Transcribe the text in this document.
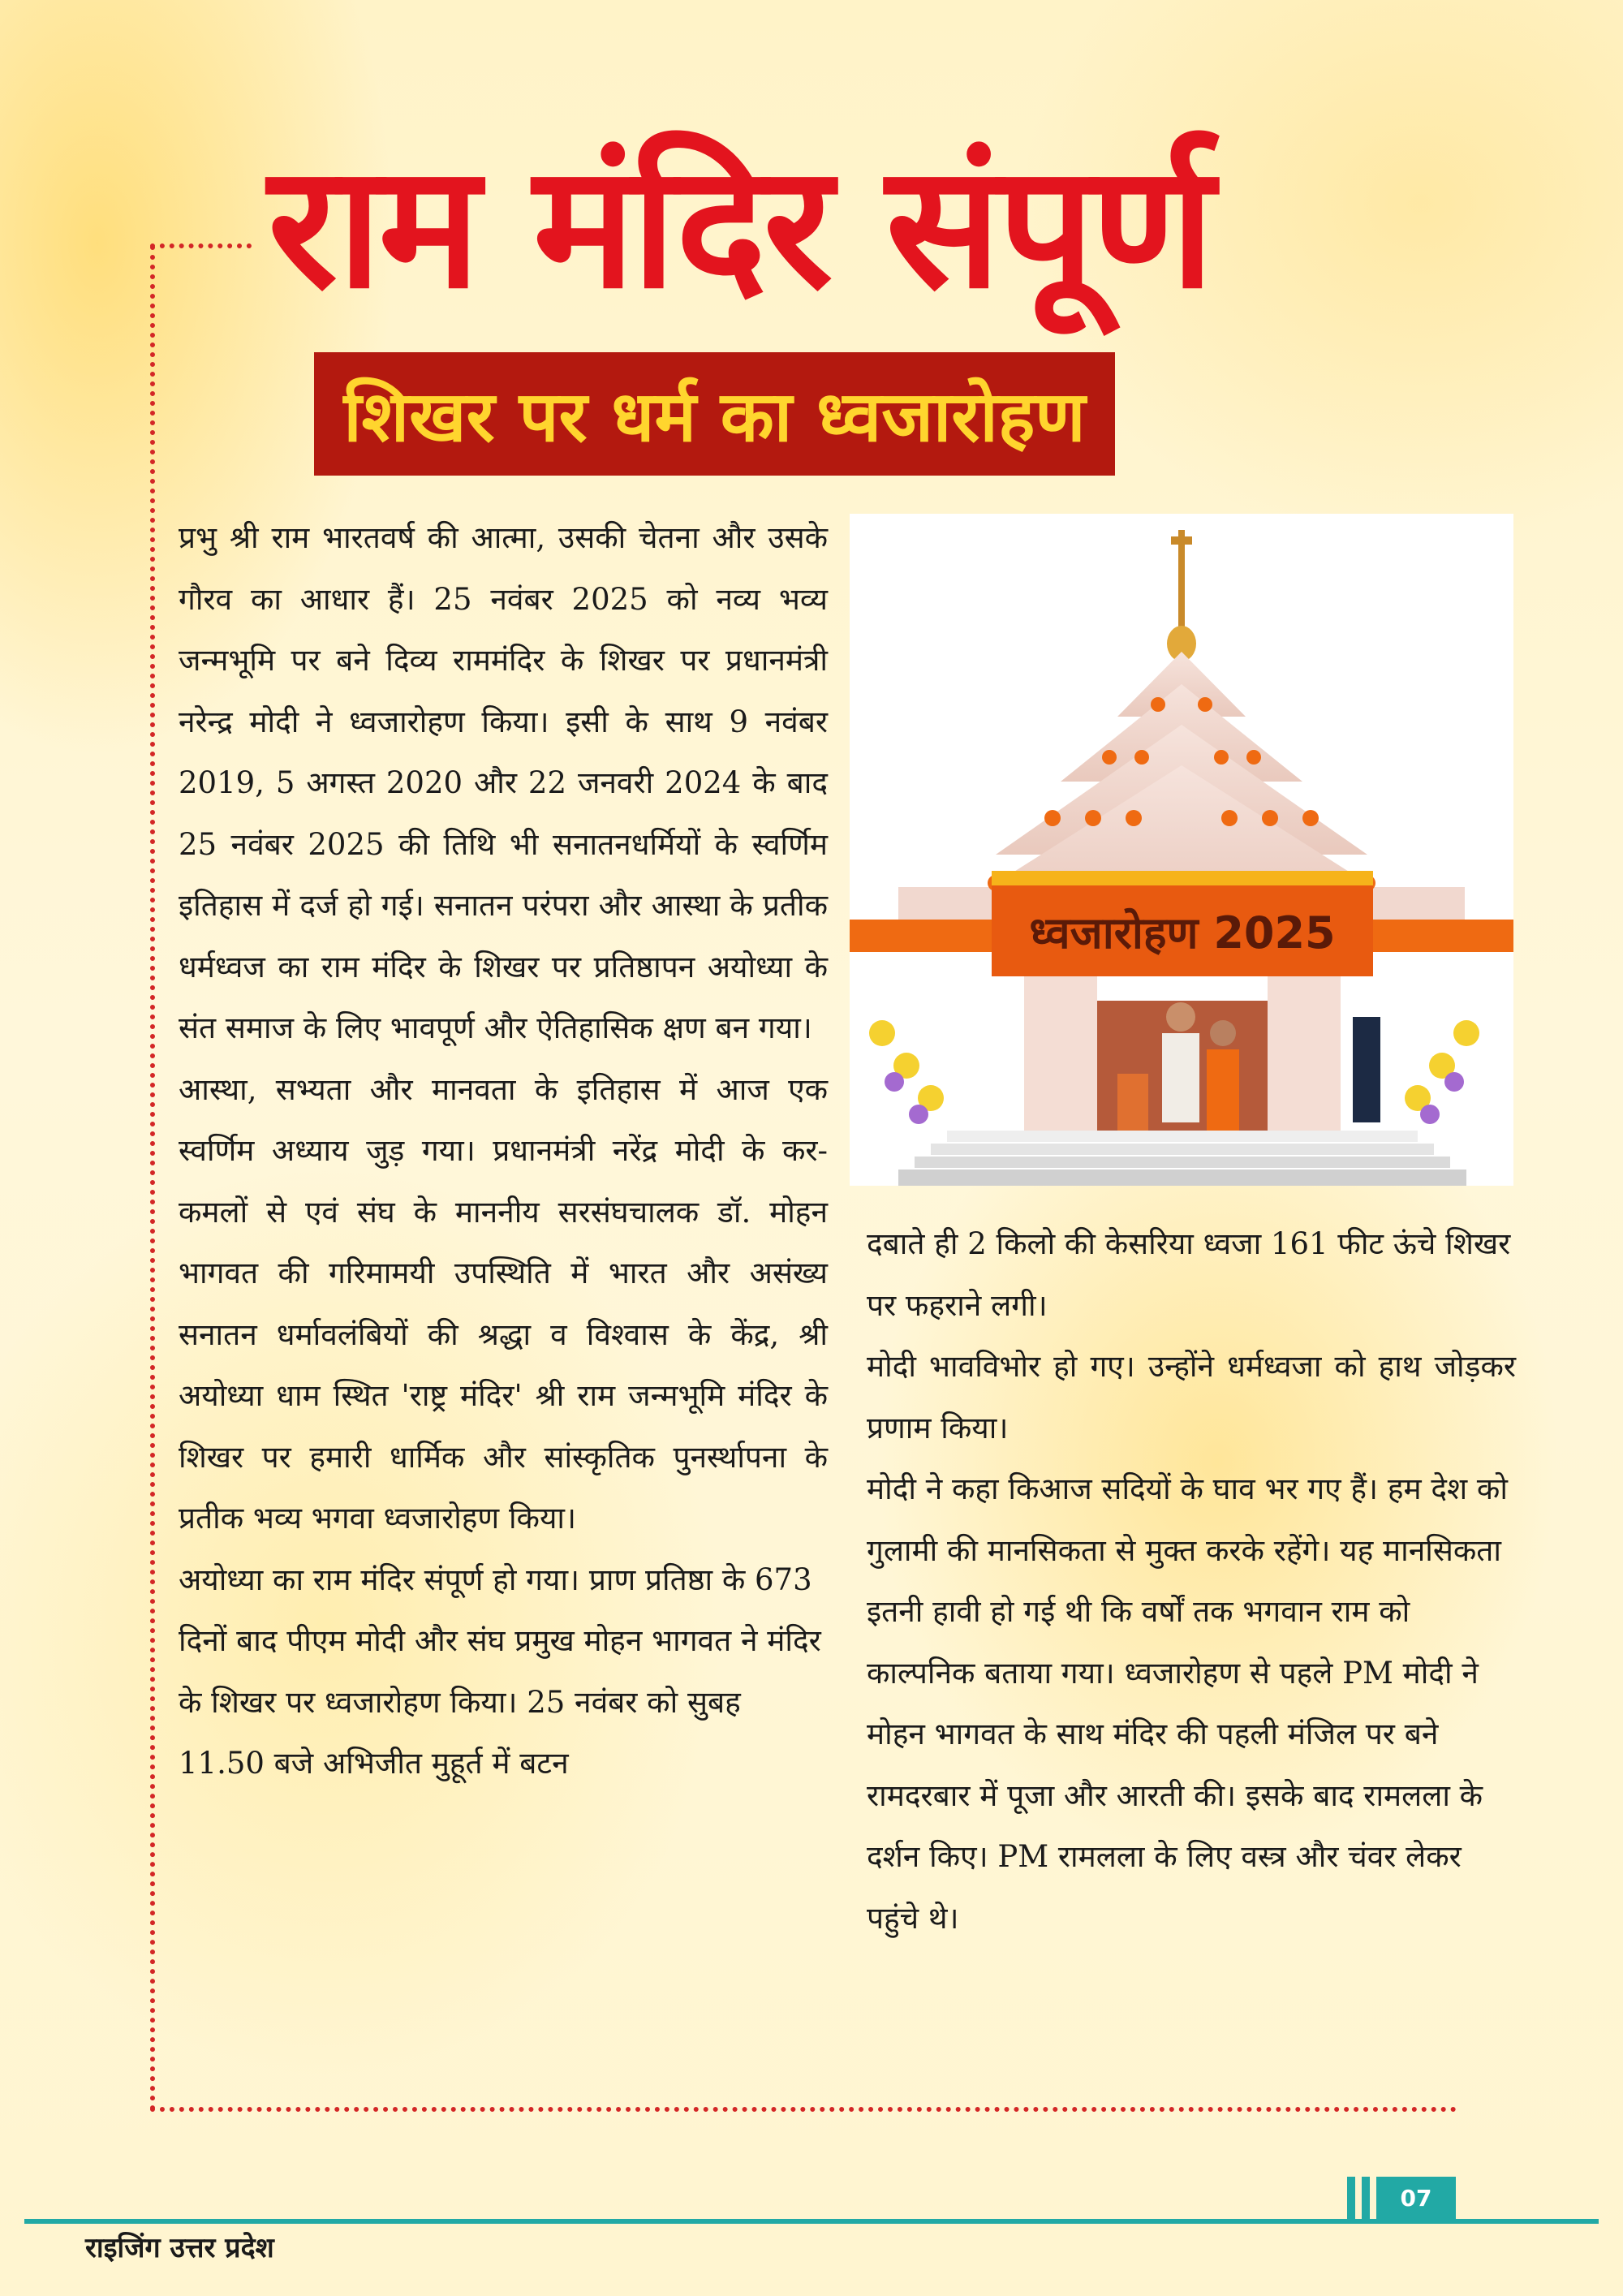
राम मंदिर संपूर्ण
शिखर पर धर्म का ध्वजारोहण

प्रभु श्री राम भारतवर्ष की आत्मा, उसकी चेतना और उसके गौरव का आधार हैं। 25 नवंबर 2025 को नव्य भव्य जन्मभूमि पर बने दिव्य राममंदिर के शिखर पर प्रधानमंत्री नरेन्द्र मोदी ने ध्वजारोहण किया। इसी के साथ 9 नवंबर 2019, 5 अगस्त 2020 और 22 जनवरी 2024 के बाद 25 नवंबर 2025 की तिथि भी सनातनधर्मियों के स्वर्णिम इतिहास में दर्ज हो गई। सनातन परंपरा और आस्था के प्रतीक धर्मध्वज का राम मंदिर के शिखर पर प्रतिष्ठापन अयोध्या के संत समाज के लिए भावपूर्ण और ऐतिहासिक क्षण बन गया।

आस्था, सभ्यता और मानवता के इतिहास में आज एक स्वर्णिम अध्याय जुड़ गया। प्रधानमंत्री नरेंद्र मोदी के कर-कमलों से एवं संघ के माननीय सरसंघचालक डॉ. मोहन भागवत की गरिमामयी उपस्थिति में भारत और असंख्य सनातन धर्मावलंबियों की श्रद्धा व विश्वास के केंद्र, श्री अयोध्या धाम स्थित 'राष्ट्र मंदिर' श्री राम जन्मभूमि मंदिर के शिखर पर हमारी धार्मिक और सांस्कृतिक पुनर्स्थापना के प्रतीक भव्य भगवा ध्वजारोहण किया।

अयोध्या का राम मंदिर संपूर्ण हो गया। प्राण प्रतिष्ठा के 673 दिनों बाद पीएम मोदी और संघ प्रमुख मोहन भागवत ने मंदिर के शिखर पर ध्वजारोहण किया। 25 नवंबर को सुबह 11.50 बजे अभिजीत मुहूर्त में बटन

ध्वजारोहण 2025

दबाते ही 2 किलो की केसरिया ध्वजा 161 फीट ऊंचे शिखर पर फहराने लगी।

मोदी भावविभोर हो गए। उन्होंने धर्मध्वजा को हाथ जोड़कर प्रणाम किया।

मोदी ने कहा किआज सदियों के घाव भर गए हैं। हम देश को गुलामी की मानसिकता से मुक्त करके रहेंगे। यह मानसिकता इतनी हावी हो गई थी कि वर्षों तक भगवान राम को काल्पनिक बताया गया। ध्वजारोहण से पहले PM मोदी ने मोहन भागवत के साथ मंदिर की पहली मंजिल पर बने रामदरबार में पूजा और आरती की। इसके बाद रामलला के दर्शन किए। PM रामलला के लिए वस्त्र और चंवर लेकर पहुंचे थे।

07
राइजिंग उत्तर प्रदेश
